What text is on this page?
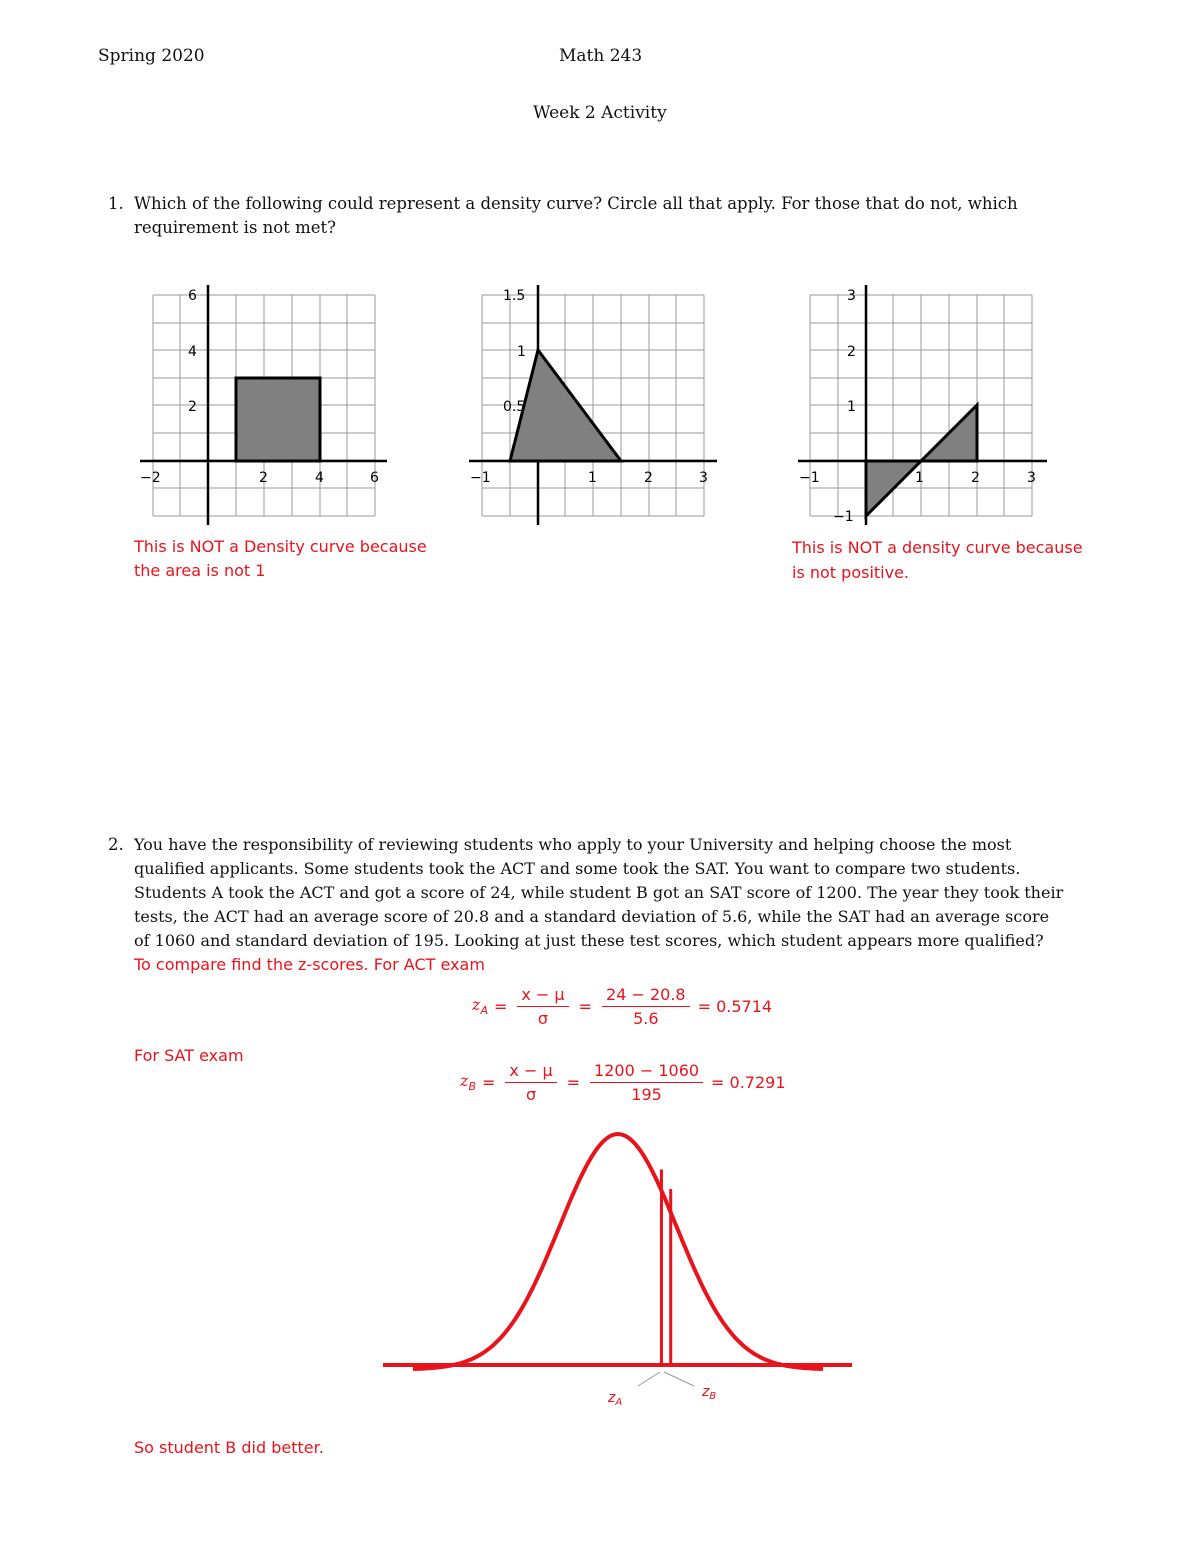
Spring 2020	Math 243
Week 2 Activity
1. Which of the following could represent a density curve? Circle all that apply. For those that do not, which
requirement is not met?
−2	2	4	6
2
4
6
−1	1	2	3
0.5
1
1.5
−1	1	2	3
−1
1
2
3
This is NOT a Density curve because
the area is not 1
This is NOT a density curve because
is not positive.
2. You have the responsibility of reviewing students who apply to your University and helping choose the most
qualified applicants. Some students took the ACT and some took the SAT. You want to compare two students.
Students A took the ACT and got a score of 24, while student B got an SAT score of 1200. The year they took their
tests, the ACT had an average score of 20.8 and a standard deviation of 5.6, while the SAT had an average score
of 1060 and standard deviation of 195. Looking at just these test scores, which student appears more qualified?
To compare find the z-scores. For ACT exam
$z_A = \frac{x - \mu}{\sigma} = \frac{24 - 20.8}{5.6} = 0.5714$
For SAT exam
$z_B = \frac{x - \mu}{\sigma} = \frac{1200 - 1060}{195} = 0.7291$
$z_A$
$z_B$
So student B did better.
